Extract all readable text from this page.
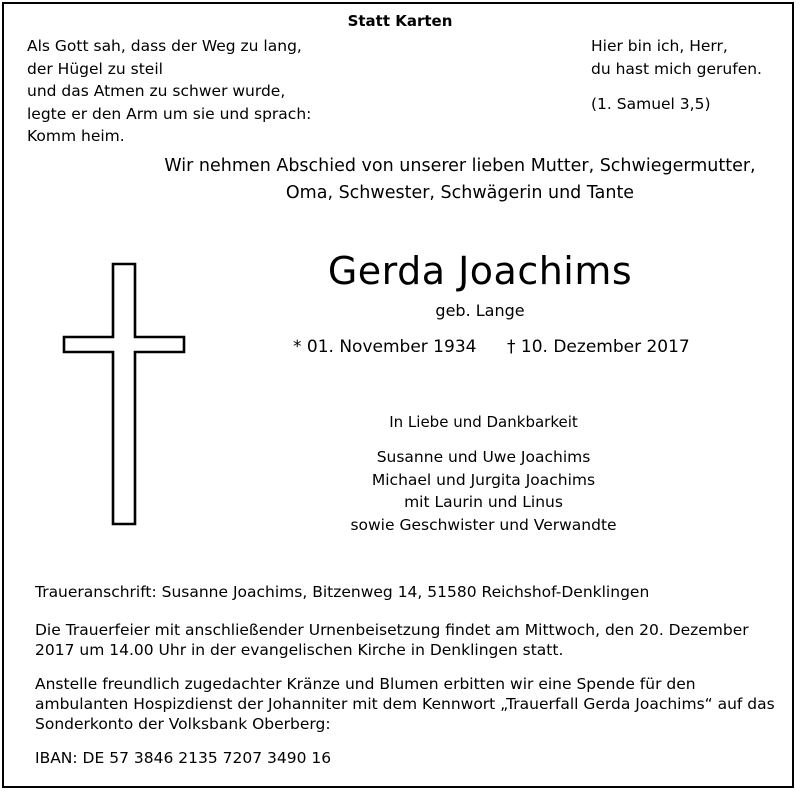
Statt Karten
Als Gott sah, dass der Weg zu lang,
der Hügel zu steil
und das Atmen zu schwer wurde,
legte er den Arm um sie und sprach:
Komm heim.
Hier bin ich, Herr,
du hast mich gerufen.
(1. Samuel 3,5)
Wir nehmen Abschied von unserer lieben Mutter, Schwiegermutter,
Oma, Schwester, Schwägerin und Tante
Gerda Joachims
geb. Lange
* 01. November 1934 † 10. Dezember 2017
In Liebe und Dankbarkeit
Susanne und Uwe Joachims
Michael und Jurgita Joachims
mit Laurin und Linus
sowie Geschwister und Verwandte
Traueranschrift: Susanne Joachims, Bitzenweg 14, 51580 Reichshof-Denklingen
Die Trauerfeier mit anschließender Urnenbeisetzung findet am Mittwoch, den 20. Dezember 2017 um 14.00 Uhr in der evangelischen Kirche in Denklingen statt.
Anstelle freundlich zugedachter Kränze und Blumen erbitten wir eine Spende für den ambulanten Hospizdienst der Johanniter mit dem Kennwort „Trauerfall Gerda Joachims“ auf das Sonderkonto der Volksbank Oberberg:
IBAN: DE 57 3846 2135 7207 3490 16
